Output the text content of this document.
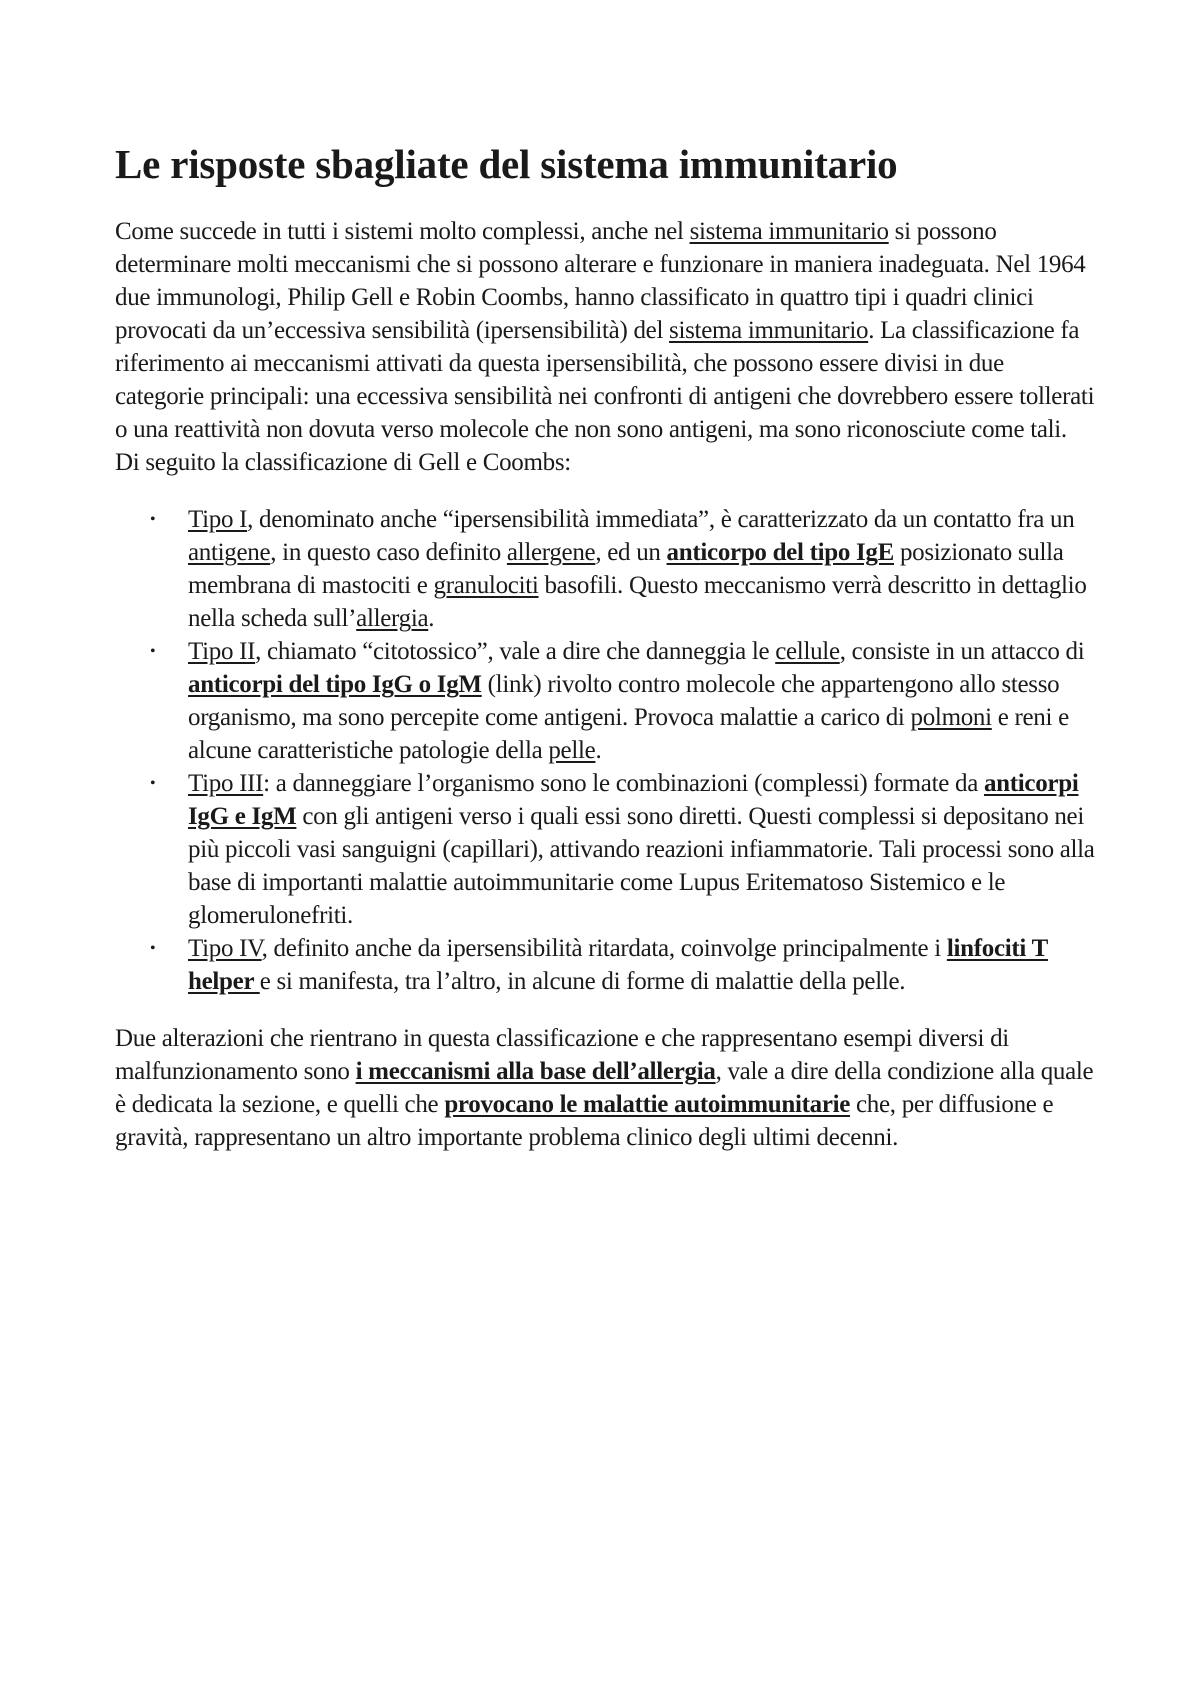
Le risposte sbagliate del sistema immunitario

Come succede in tutti i sistemi molto complessi, anche nel sistema immunitario si possono determinare molti meccanismi che si possono alterare e funzionare in maniera inadeguata. Nel 1964 due immunologi, Philip Gell e Robin Coombs, hanno classificato in quattro tipi i quadri clinici provocati da un’eccessiva sensibilità (ipersensibilità) del sistema immunitario. La classificazione fa riferimento ai meccanismi attivati da questa ipersensibilità, che possono essere divisi in due categorie principali: una eccessiva sensibilità nei confronti di antigeni che dovrebbero essere tollerati o una reattività non dovuta verso molecole che non sono antigeni, ma sono riconosciute come tali. Di seguito la classificazione di Gell e Coombs:

• Tipo I, denominato anche “ipersensibilità immediata”, è caratterizzato da un contatto fra un antigene, in questo caso definito allergene, ed un anticorpo del tipo IgE posizionato sulla membrana di mastociti e granulociti basofili. Questo meccanismo verrà descritto in dettaglio nella scheda sull’allergia.
• Tipo II, chiamato “citotossico”, vale a dire che danneggia le cellule, consiste in un attacco di anticorpi del tipo IgG o IgM (link) rivolto contro molecole che appartengono allo stesso organismo, ma sono percepite come antigeni. Provoca malattie a carico di polmoni e reni e alcune caratteristiche patologie della pelle.
• Tipo III: a danneggiare l’organismo sono le combinazioni (complessi) formate da anticorpi IgG e IgM con gli antigeni verso i quali essi sono diretti. Questi complessi si depositano nei più piccoli vasi sanguigni (capillari), attivando reazioni infiammatorie. Tali processi sono alla base di importanti malattie autoimmunitarie come Lupus Eritematoso Sistemico e le glomerulonefriti.
• Tipo IV, definito anche da ipersensibilità ritardata, coinvolge principalmente i linfociti T helper e si manifesta, tra l’altro, in alcune di forme di malattie della pelle.

Due alterazioni che rientrano in questa classificazione e che rappresentano esempi diversi di malfunzionamento sono i meccanismi alla base dell’allergia, vale a dire della condizione alla quale è dedicata la sezione, e quelli che provocano le malattie autoimmunitarie che, per diffusione e gravità, rappresentano un altro importante problema clinico degli ultimi decenni.
